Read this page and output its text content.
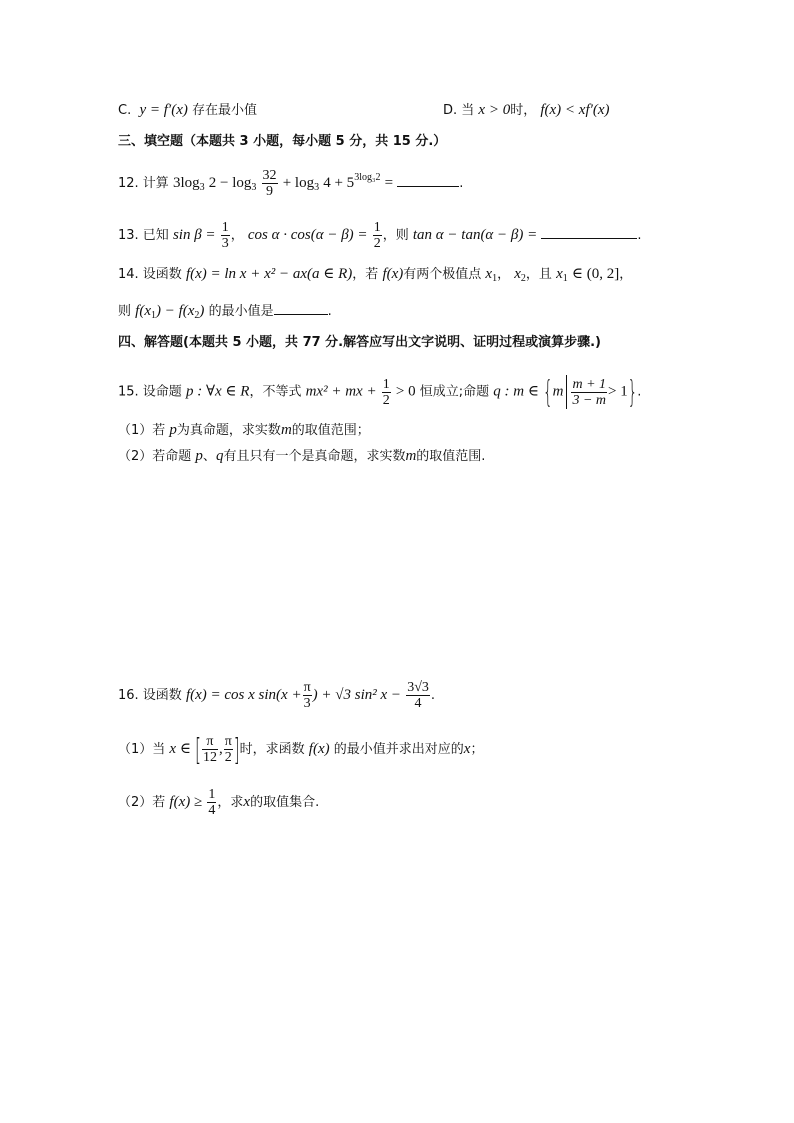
C. y = f′(x) 存在最小值	D. 当 x > 0时， f(x) < xf′(x)
三、填空题（本题共 3 小题，每小题 5 分，共 15 分.）
12. 计算 $3\log_3$ $2 - \log_3 \frac{32}{9} + \log_3 4 + 5^{3log_32}$ =	.
13. 已知 $\sin \beta = \frac{1}{3}$ ， $\cos \alpha \cdot \cos(\alpha - \beta) = \frac{1}{2}$ ，则 tan α − tan(α − β) =	.
14. 设函数 f(x) = ln x + x² − ax(a ∈ R)，若 f(x)有两个极值点 $x_1$， $x_2$，且 $x_1$ ∈ (0, 2]，
则 $f(x_1) - f(x_2)$ 的最小值是	.
四、解答题(本题共 5 小题，共 77 分.解答应写出文字说明、证明过程或演算步骤.)
15. 设命题 p : ∀x ∈ R，不等式 mx² + mx + $\frac{1}{2} > 0$ 恒成立;命题 q : m ∈ $\{m \frac{m + 1}{3 - m} > 1\}$.
（1）若 p为真命题，求实数m的取值范围；
（2）若命题 p、q有且只有一个是真命题，求实数m的取值范围.
16. 设函数 f(x) = cos x $\sin(x + \frac{\pi}{3}$ ) + √3 sin² $x - \frac{3√3}{4}$ .
（1）当 x ∈ [ $\frac{\pi}{12}$ , $\frac{\pi}{2}$ ]时，求函数 f(x) 的最小值并求出对应的x；
（2）若 $f(x) \ge \frac{1}{4}$ ，求x的取值集合.
